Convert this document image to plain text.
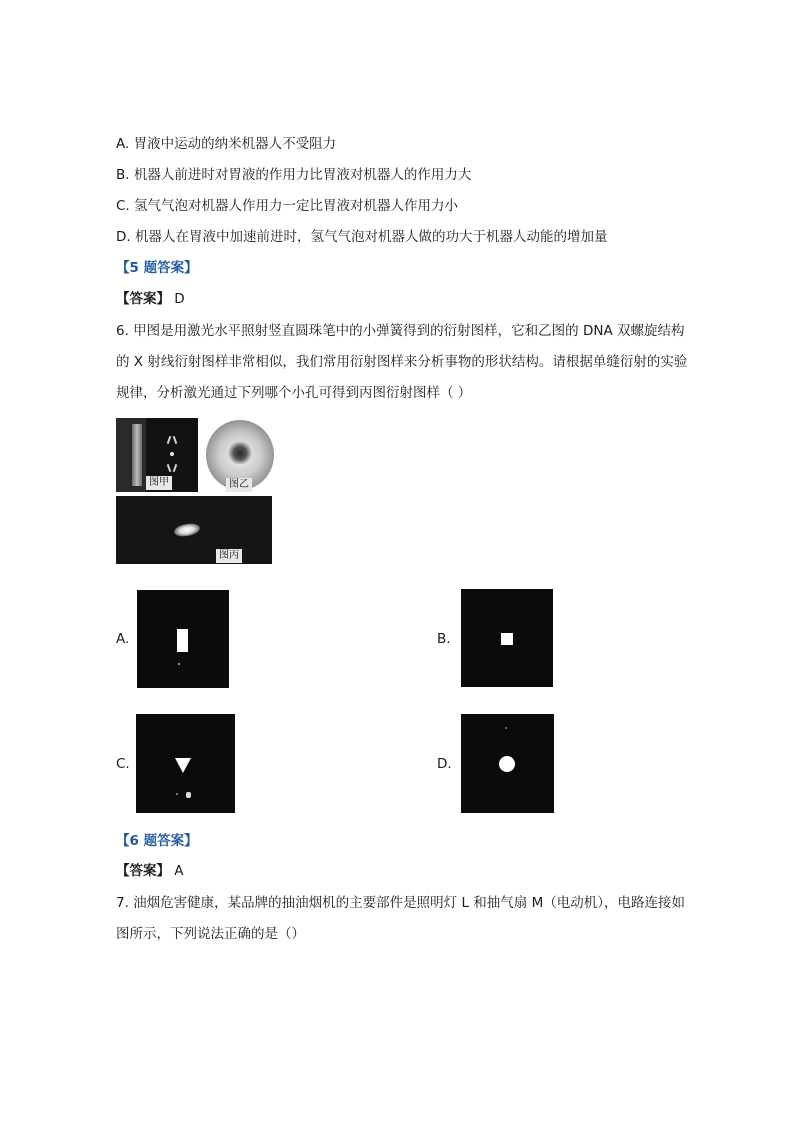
A. 胃液中运动的纳米机器人不受阻力
B. 机器人前进时对胃液的作用力比胃液对机器人的作用力大
C. 氢气气泡对机器人作用力一定比胃液对机器人作用力小
D. 机器人在胃液中加速前进时，氢气气泡对机器人做的功大于机器人动能的增加量
【5 题答案】
【答案】 D
6. 甲图是用激光水平照射竖直圆珠笔中的小弹簧得到的衍射图样，它和乙图的 DNA 双螺旋结构
的 X 射线衍射图样非常相似，我们常用衍射图样来分析事物的形状结构。请根据单缝衍射的实验
规律，分析激光通过下列哪个小孔可得到丙图衍射图样（ ）
图甲	图乙
图丙
A.	B.
C.	D.
【6 题答案】
【答案】 A
7. 油烟危害健康，某品牌的抽油烟机的主要部件是照明灯 L 和抽气扇 M（电动机），电路连接如
图所示，下列说法正确的是（）
